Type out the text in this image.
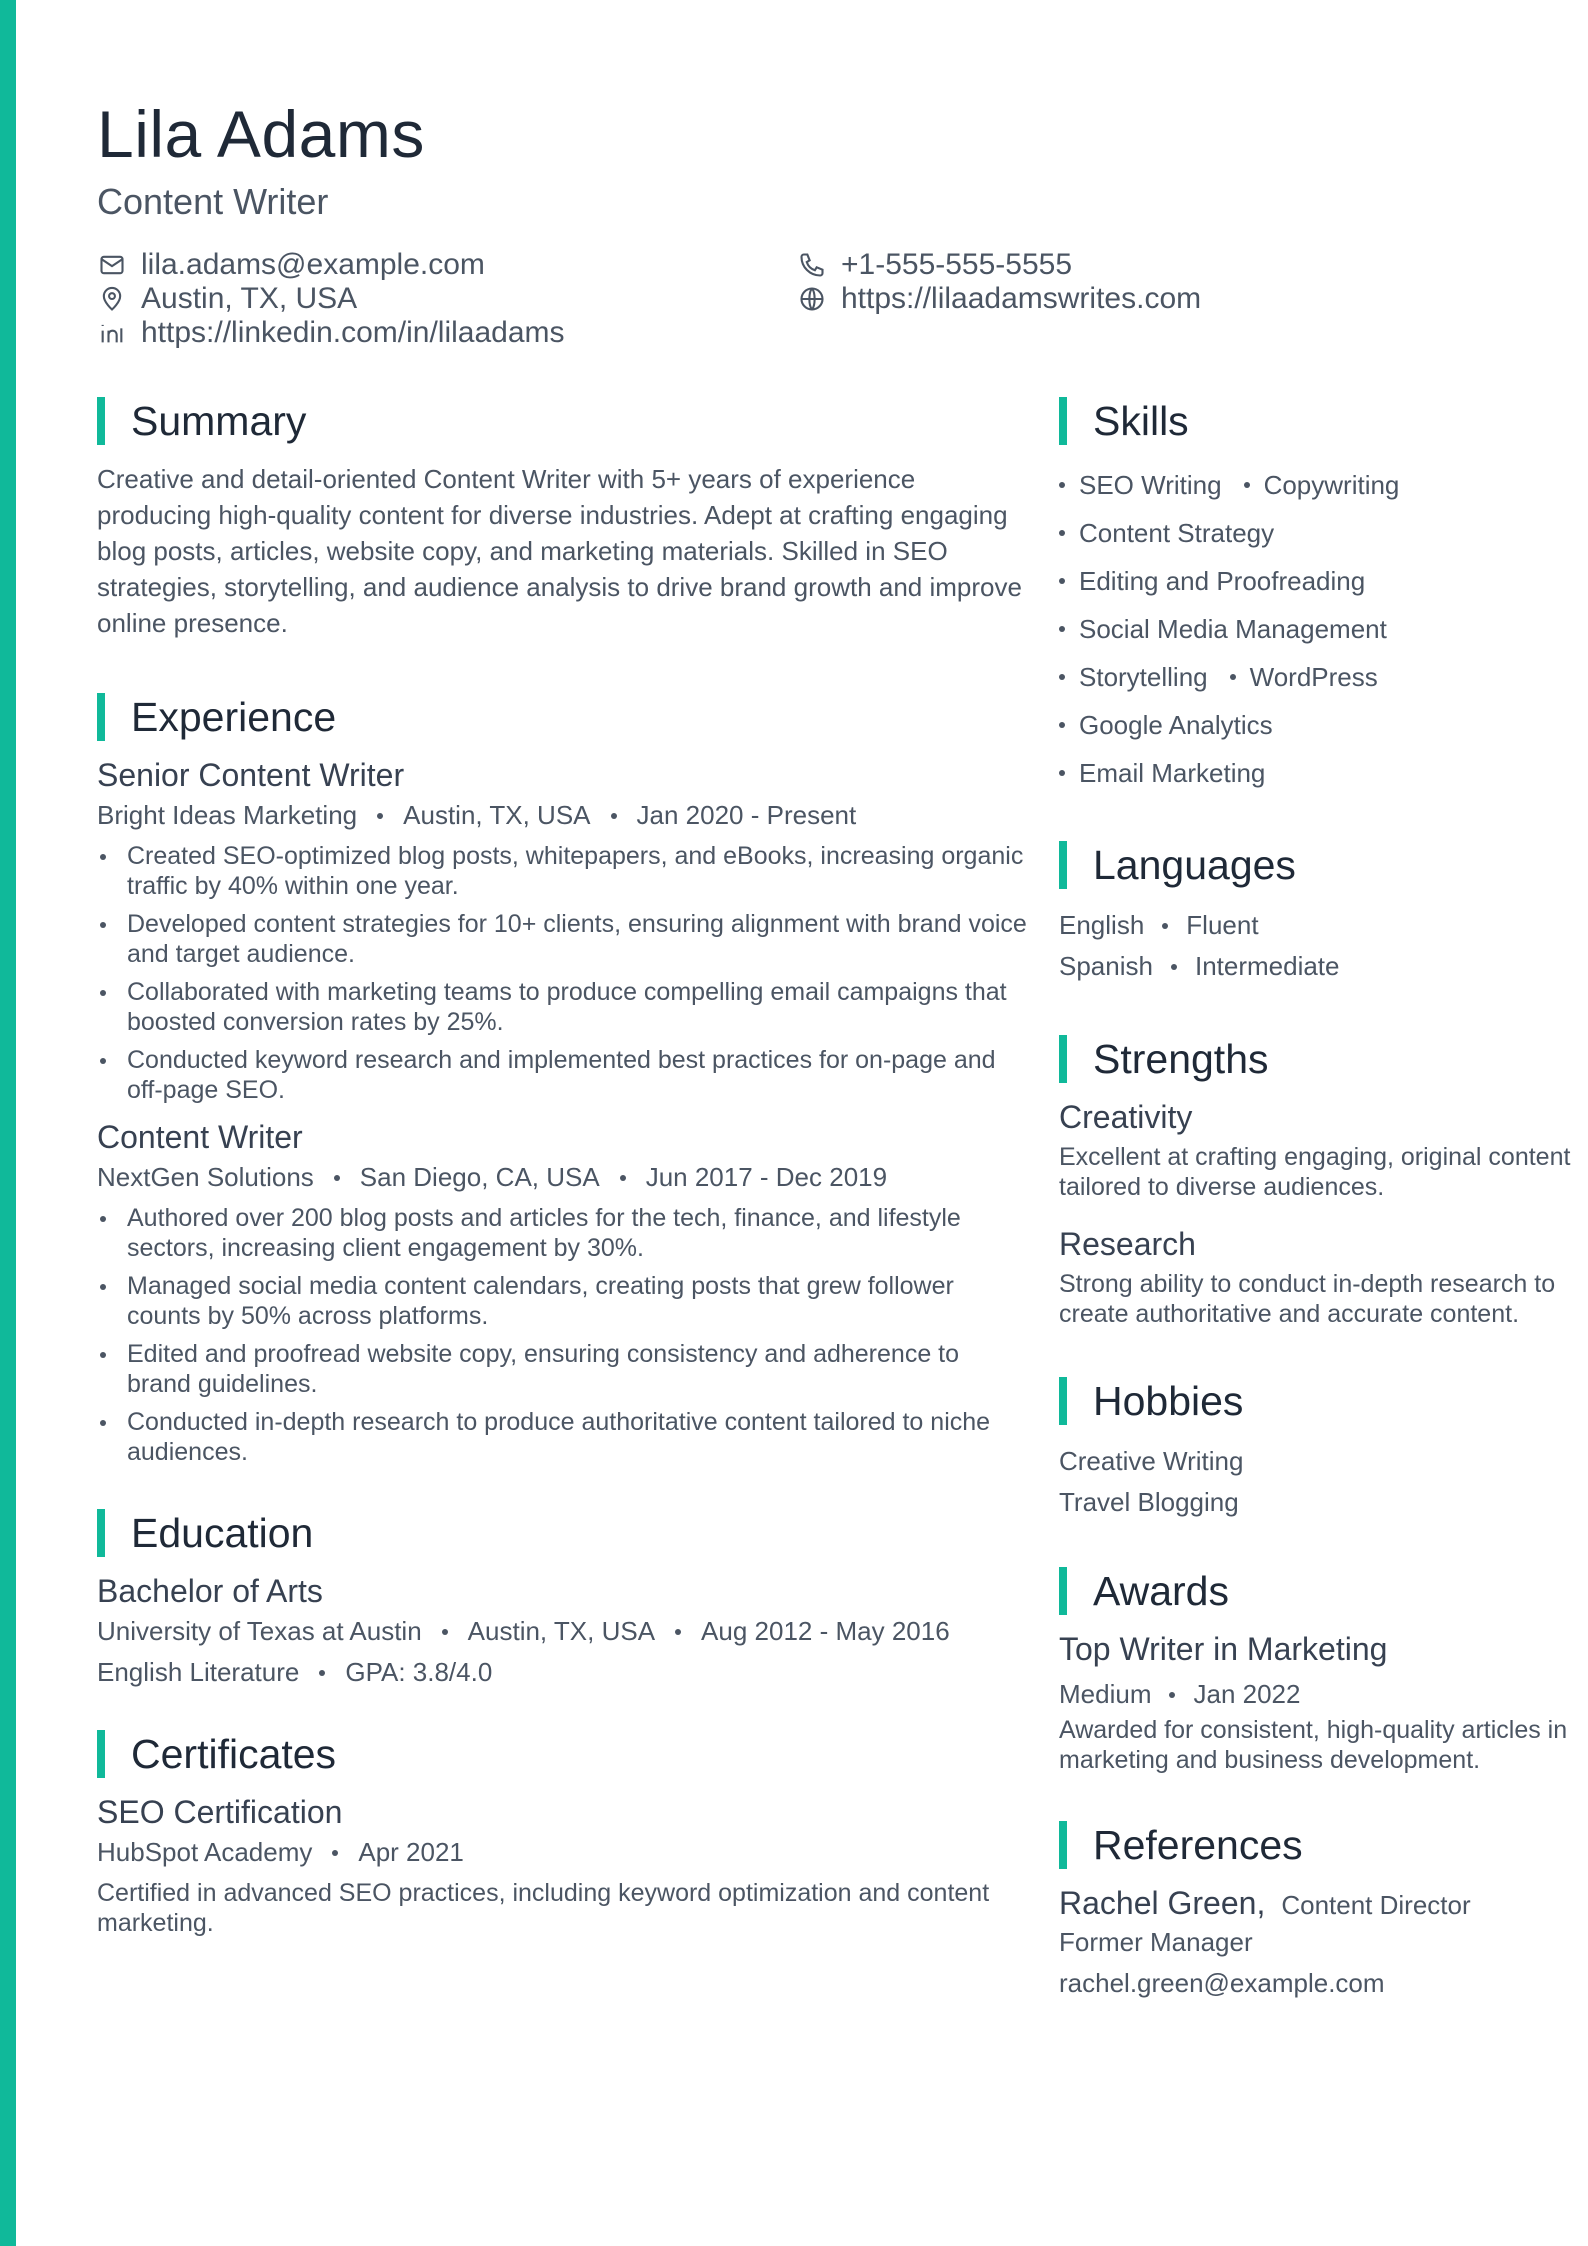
Lila Adams
Content Writer
lila.adams@example.com
Austin, TX, USA
https://linkedin.com/in/lilaadams
+1-555-555-5555
https://lilaadamswrites.com
Summary
Creative and detail-oriented Content Writer with 5+ years of experience producing high-quality content for diverse industries. Adept at crafting engaging blog posts, articles, website copy, and marketing materials. Skilled in SEO strategies, storytelling, and audience analysis to drive brand growth and improve online presence.
Experience
Senior Content Writer
Bright Ideas Marketing Austin, TX, USA Jan 2020 - Present
Created SEO-optimized blog posts, whitepapers, and eBooks, increasing organic traffic by 40% within one year.
Developed content strategies for 10+ clients, ensuring alignment with brand voice and target audience.
Collaborated with marketing teams to produce compelling email campaigns that boosted conversion rates by 25%.
Conducted keyword research and implemented best practices for on-page and off-page SEO.
Content Writer
NextGen Solutions San Diego, CA, USA Jun 2017 - Dec 2019
Authored over 200 blog posts and articles for the tech, finance, and lifestyle sectors, increasing client engagement by 30%.
Managed social media content calendars, creating posts that grew follower counts by 50% across platforms.
Edited and proofread website copy, ensuring consistency and adherence to brand guidelines.
Conducted in-depth research to produce authoritative content tailored to niche audiences.
Education
Bachelor of Arts
University of Texas at Austin Austin, TX, USA Aug 2012 - May 2016
English Literature GPA: 3.8/4.0
Certificates
SEO Certification
HubSpot Academy Apr 2021
Certified in advanced SEO practices, including keyword optimization and content marketing.
Skills
SEO Writing Copywriting
Content Strategy
Editing and Proofreading
Social Media Management
Storytelling WordPress
Google Analytics
Email Marketing
Languages
English Fluent
Spanish Intermediate
Strengths
Creativity
Excellent at crafting engaging, original content tailored to diverse audiences.
Research
Strong ability to conduct in-depth research to create authoritative and accurate content.
Hobbies
Creative Writing
Travel Blogging
Awards
Top Writer in Marketing
Medium Jan 2022
Awarded for consistent, high-quality articles in marketing and business development.
References
Rachel Green, Content Director
Former Manager
rachel.green@example.com
